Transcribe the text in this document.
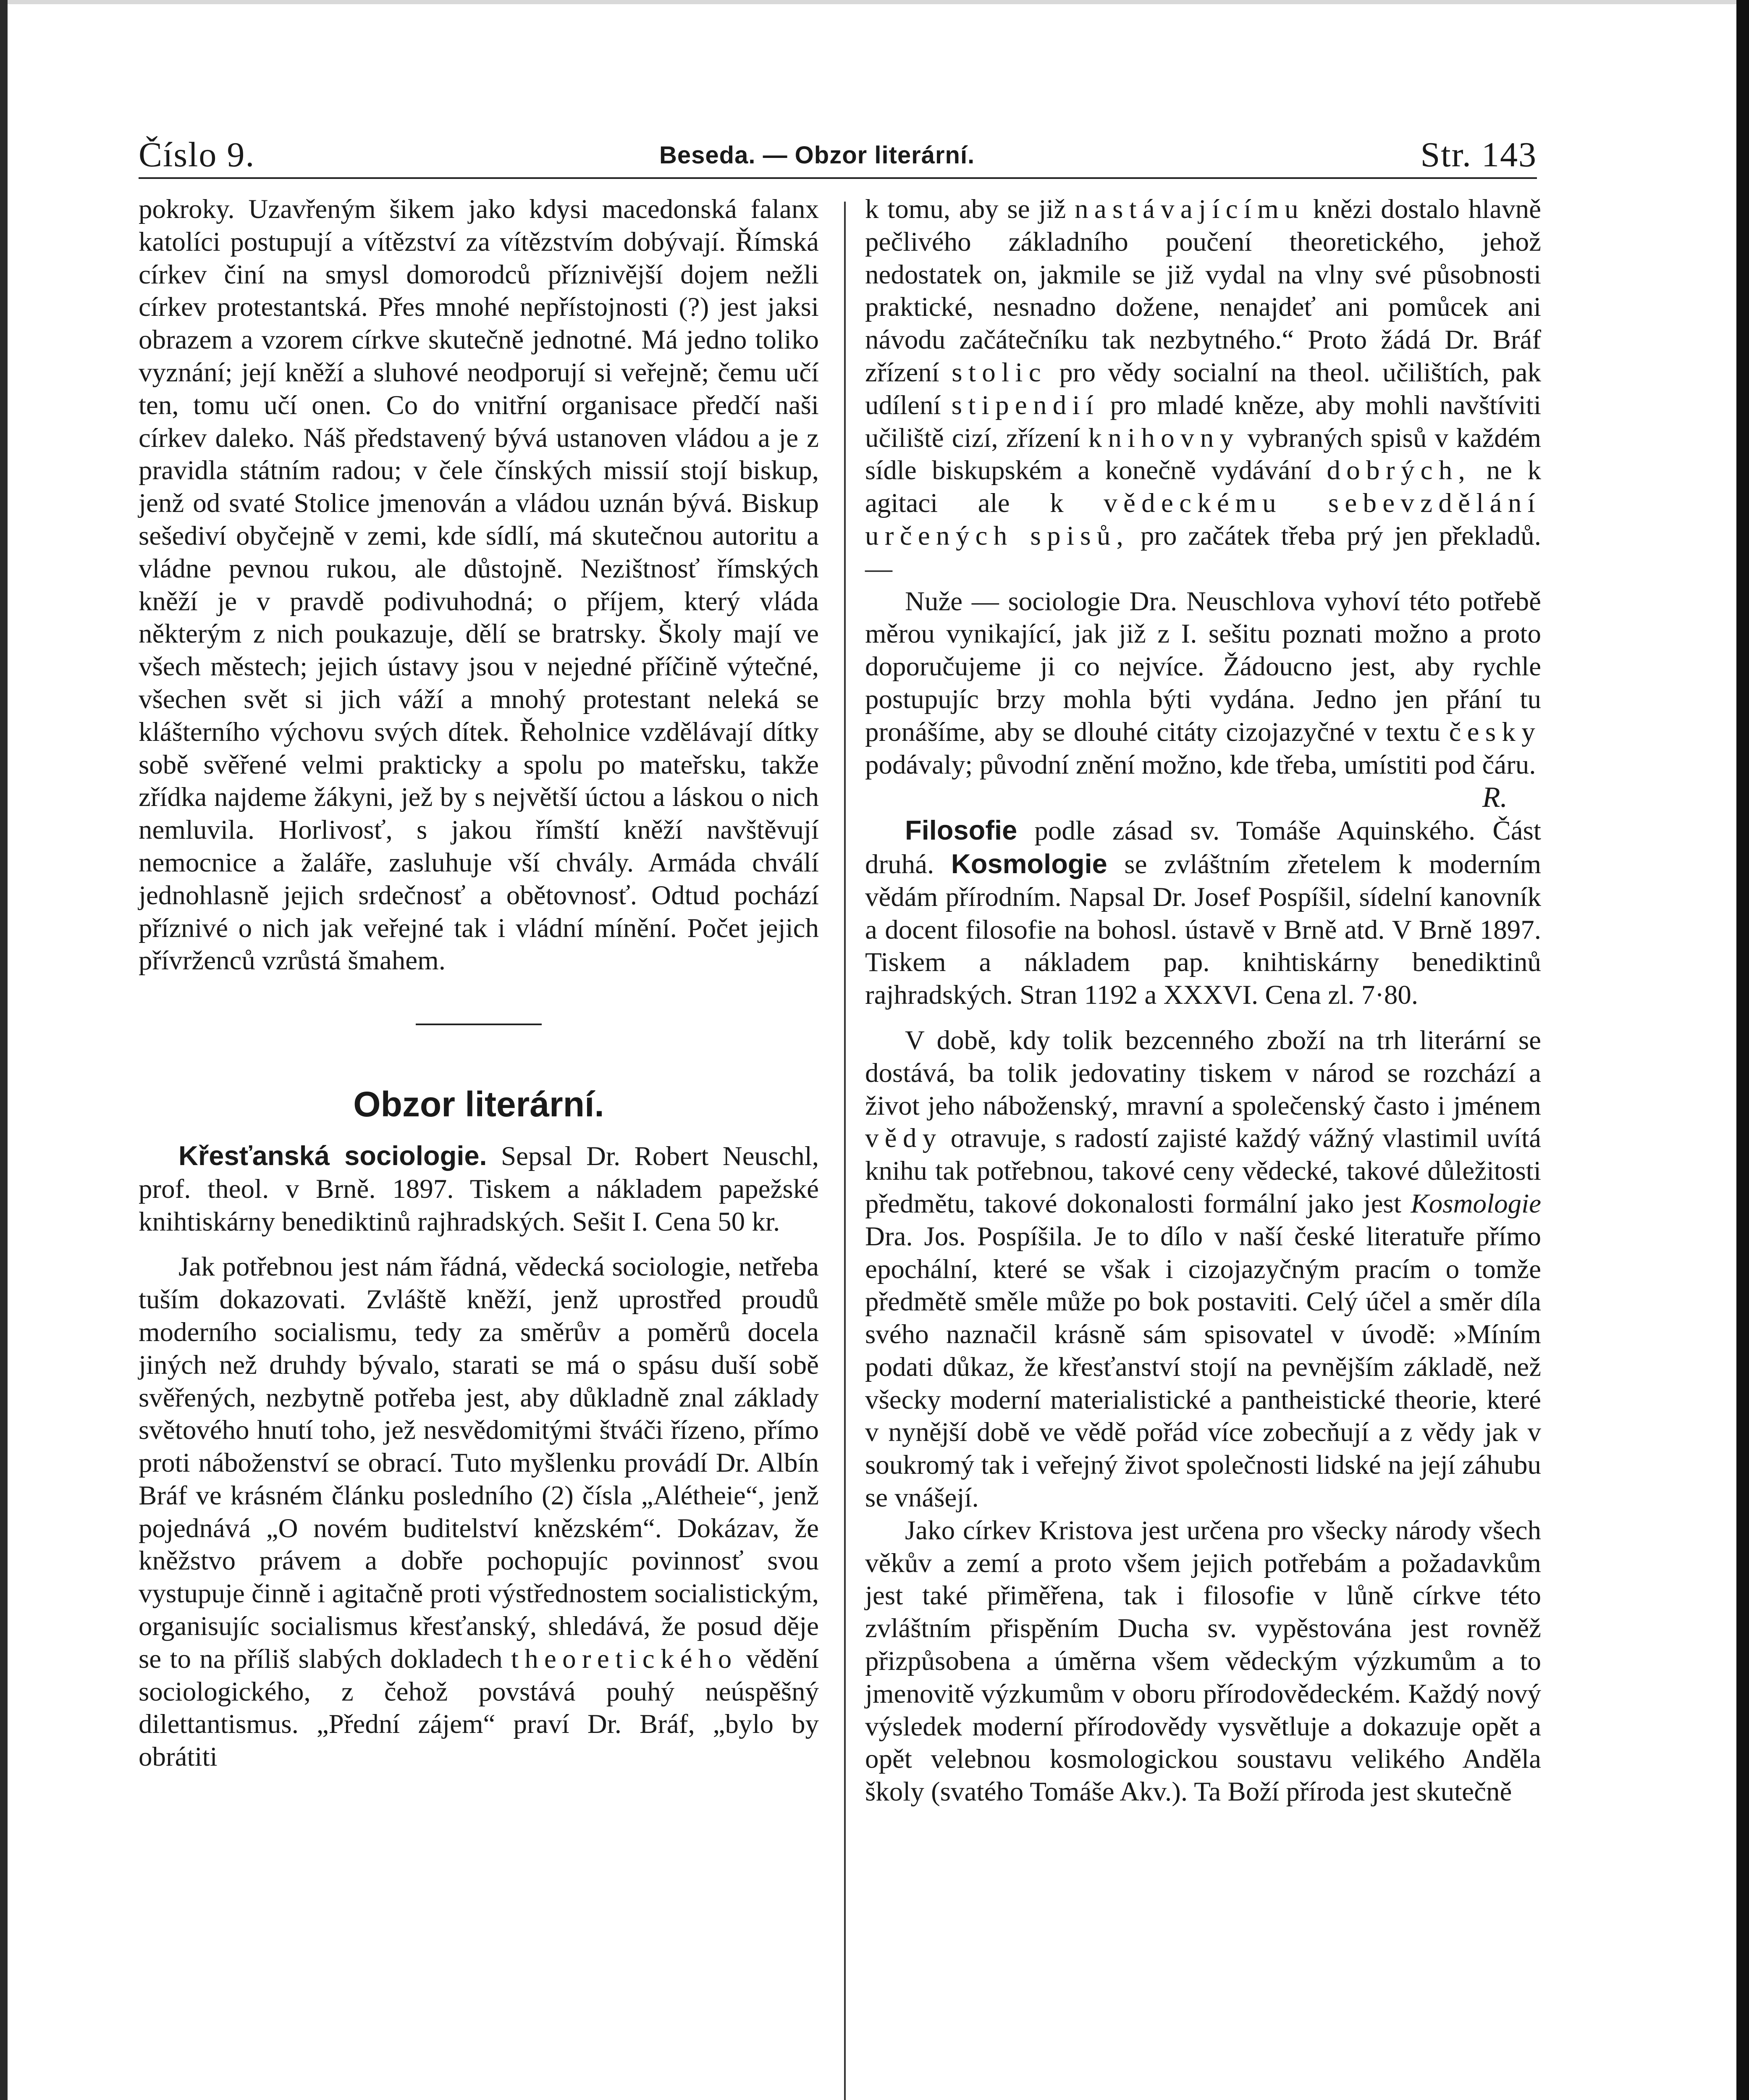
Číslo 9.	Beseda. — Obzor literární.	Str. 143

pokroky. Uzavřeným šikem jako kdysi macedonská falanx katolíci postupují a vítězství za vítězstvím dobývají. Římská církev činí na smysl domorodců příznivější dojem nežli církev protestantská. Přes mnohé nepřístojnosti (?) jest jaksi obrazem a vzorem církve skutečně jednotné. Má jedno toliko vyznání; její kněží a sluhové neodporují si veřejně; čemu učí ten, tomu učí onen. Co do vnitřní organisace předčí naši církev daleko. Náš představený bývá ustanoven vládou a je z pravidla státním radou; v čele čínských missií stojí biskup, jenž od svaté Stolice jmenován a vládou uznán bývá. Biskup sešediví obyčejně v zemi, kde sídlí, má skutečnou autoritu a vládne pevnou rukou, ale důstojně. Nezištnosť římských kněží je v pravdě podivuhodná; o příjem, který vláda některým z nich poukazuje, dělí se bratrsky. Školy mají ve všech městech; jejich ústavy jsou v nejedné příčině výtečné, všechen svět si jich váží a mnohý protestant neleká se klášterního výchovu svých dítek. Řeholnice vzdělávají dítky sobě svěřené velmi prakticky a spolu po mateřsku, takže zřídka najdeme žákyni, jež by s největší úctou a láskou o nich nemluvila. Horlivosť, s jakou římští kněží navštěvují nemocnice a žaláře, zasluhuje vší chvály. Armáda chválí jednohlasně jejich srdečnosť a obětovnosť. Odtud pochází příznivé o nich jak veřejné tak i vládní mínění. Počet jejich přívrženců vzrůstá šmahem.

Obzor literární.

Křesťanská sociologie. Sepsal Dr. Robert Neuschl, prof. theol. v Brně. 1897. Tiskem a nákladem papežské knihtiskárny benediktinů rajhradských. Sešit I. Cena 50 kr.

Jak potřebnou jest nám řádná, vědecká sociologie, netřeba tuším dokazovati. Zvláště kněží, jenž uprostřed proudů moderního socialismu, tedy za směrův a poměrů docela jiných než druhdy bývalo, starati se má o spásu duší sobě svěřených, nezbytně potřeba jest, aby důkladně znal základy světového hnutí toho, jež nesvědomitými štváči řízeno, přímo proti náboženství se obrací. Tuto myšlenku provádí Dr. Albín Bráf ve krásném článku posledního (2) čísla „Alétheie“, jenž pojednává „O novém buditelství knězském“. Dokázav, že kněžstvo právem a dobře pochopujíc povinnosť svou vystupuje činně i agitačně proti výstřednostem socialistickým, organisujíc socialismus křesťanský, shledává, že posud děje se to na příliš slabých dokladech theoretického vědění sociologického, z čehož povstává pouhý neúspěšný dilettantismus. „Přední zájem“ praví Dr. Bráf, „bylo by obrátiti

k tomu, aby se již nastávajícímu knězi dostalo hlavně pečlivého základního poučení theoretického, jehož nedostatek on, jakmile se již vydal na vlny své působnosti praktické, nesnadno dožene, nenajdeť ani pomůcek ani návodu začátečníku tak nezbytného.“ Proto žádá Dr. Bráf zřízení stolic pro vědy socialní na theol. učilištích, pak udílení stipendií pro mladé kněze, aby mohli navštíviti učiliště cizí, zřízení knihovny vybraných spisů v každém sídle biskupském a konečně vydávání dobrých, ne k agitaci ale k vědeckému sebevzdělání určených spisů, pro začátek třeba prý jen překladů. —

Nuže — sociologie Dra. Neuschlova vyhoví této potřebě měrou vynikající, jak již z I. sešitu poznati možno a proto doporučujeme ji co nejvíce. Žádoucno jest, aby rychle postupujíc brzy mohla býti vydána. Jedno jen přání tu pronášíme, aby se dlouhé citáty cizojazyčné v textu česky podávaly; původní znění možno, kde třeba, umístiti pod čáru.
R.

Filosofie podle zásad sv. Tomáše Aquinského. Část druhá. Kosmologie se zvláštním zřetelem k moderním vědám přírodním. Napsal Dr. Josef Pospíšil, sídelní kanovník a docent filosofie na bohosl. ústavě v Brně atd. V Brně 1897. Tiskem a nákladem pap. knihtiskárny benediktinů rajhradských. Stran 1192 a XXXVI. Cena zl. 7·80.

V době, kdy tolik bezcenného zboží na trh literární se dostává, ba tolik jedovatiny tiskem v národ se rozchází a život jeho náboženský, mravní a společenský často i jménem vědy otravuje, s radostí zajisté každý vážný vlastimil uvítá knihu tak potřebnou, takové ceny vědecké, takové důležitosti předmětu, takové dokonalosti formální jako jest Kosmologie Dra. Jos. Pospíšila. Je to dílo v naší české literatuře přímo epochální, které se však i cizojazyčným pracím o tomže předmětě směle může po bok postaviti. Celý účel a směr díla svého naznačil krásně sám spisovatel v úvodě: »Míním podati důkaz, že křesťanství stojí na pevnějším základě, než všecky moderní materialistické a pantheistické theorie, které v nynější době ve vědě pořád více zobecňují a z vědy jak v soukromý tak i veřejný život společnosti lidské na její záhubu se vnášejí.

Jako církev Kristova jest určena pro všecky národy všech věkův a zemí a proto všem jejich potřebám a požadavkům jest také přiměřena, tak i filosofie v lůně církve této zvláštním přispěním Ducha sv. vypěstována jest rovněž přizpůsobena a úměrna všem vědeckým výzkumům a to jmenovitě výzkumům v oboru přírodovědeckém. Každý nový výsledek moderní přírodovědy vysvětluje a dokazuje opět a opět velebnou kosmologickou soustavu velikého Anděla školy (svatého Tomáše Akv.). Ta Boží příroda jest skutečně
